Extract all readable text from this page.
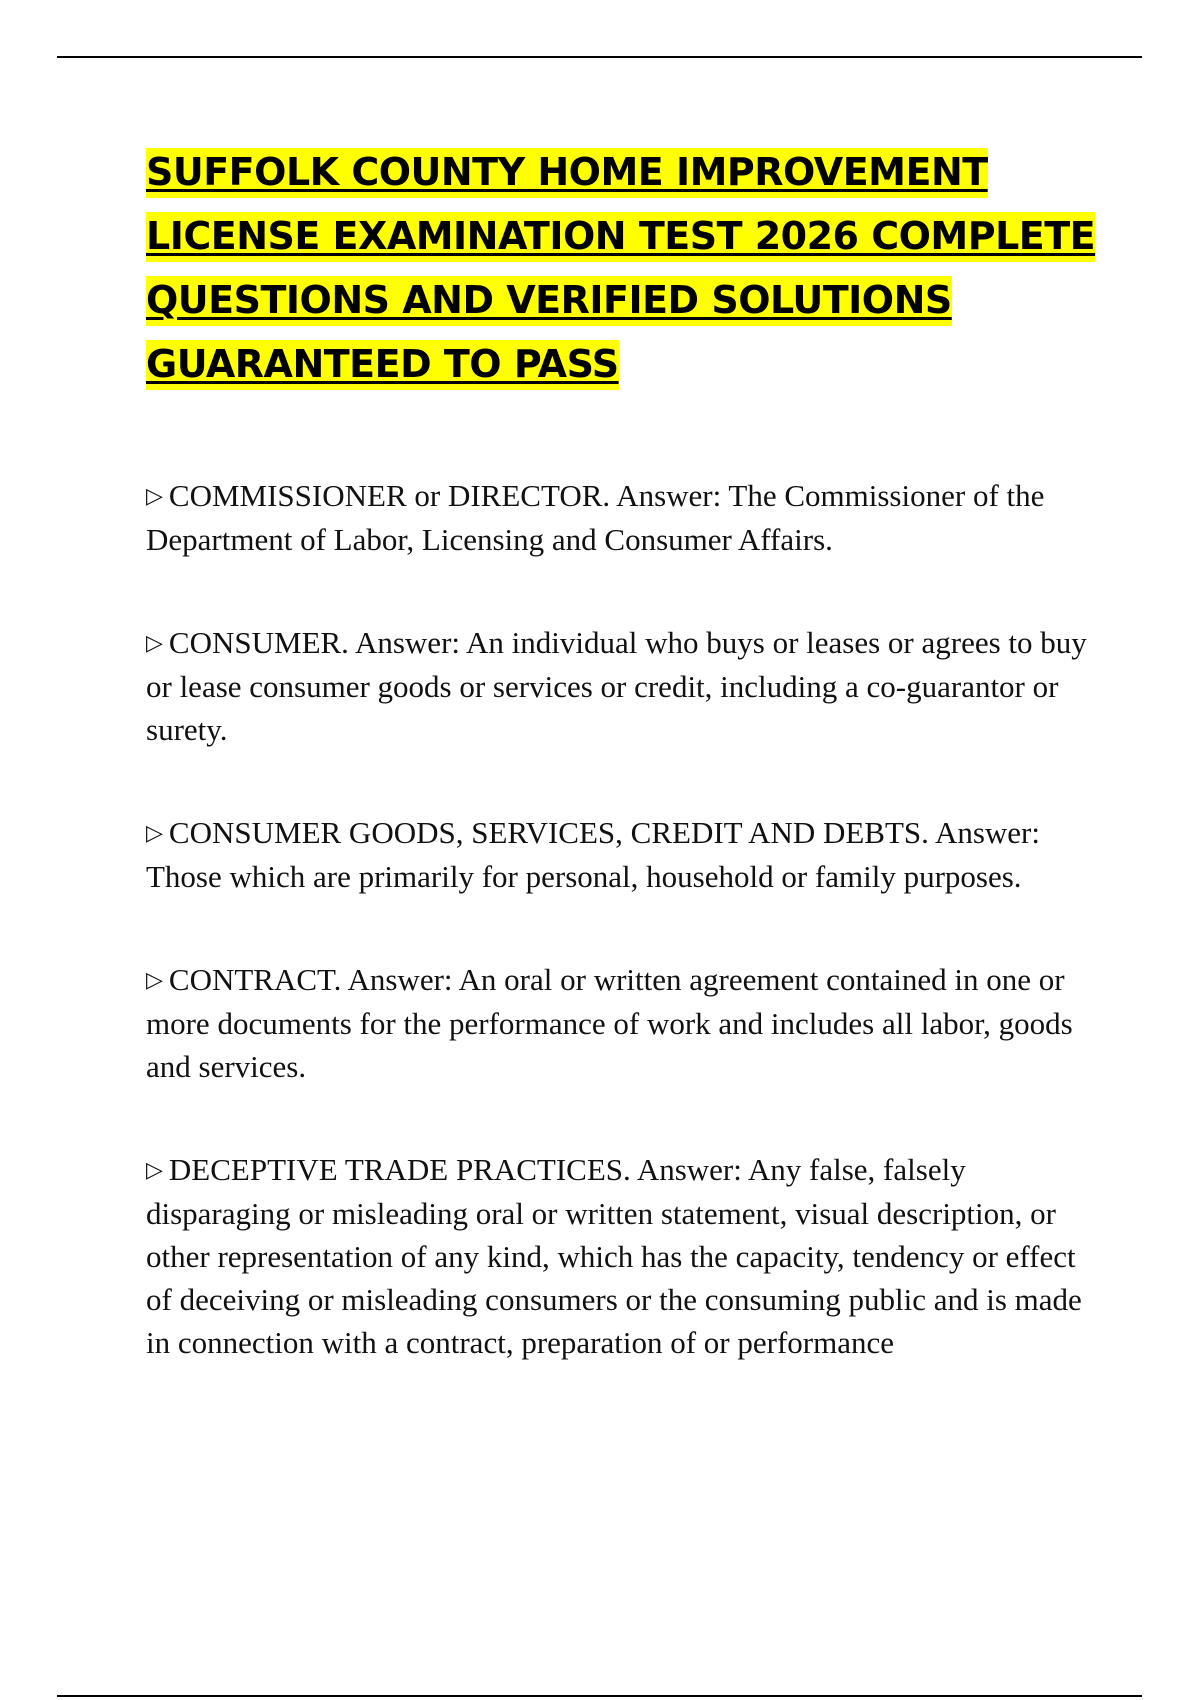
SUFFOLK COUNTY HOME IMPROVEMENT LICENSE EXAMINATION TEST 2026 COMPLETE QUESTIONS AND VERIFIED SOLUTIONS GUARANTEED TO PASS

▷ COMMISSIONER or DIRECTOR. Answer: The Commissioner of the Department of Labor, Licensing and Consumer Affairs.

▷ CONSUMER. Answer: An individual who buys or leases or agrees to buy or lease consumer goods or services or credit, including a co-guarantor or surety.

▷ CONSUMER GOODS, SERVICES, CREDIT AND DEBTS. Answer: Those which are primarily for personal, household or family purposes.

▷ CONTRACT. Answer: An oral or written agreement contained in one or more documents for the performance of work and includes all labor, goods and services.

▷ DECEPTIVE TRADE PRACTICES. Answer: Any false, falsely disparaging or misleading oral or written statement, visual description, or other representation of any kind, which has the capacity, tendency or effect of deceiving or misleading consumers or the consuming public and is made in connection with a contract, preparation of or performance
